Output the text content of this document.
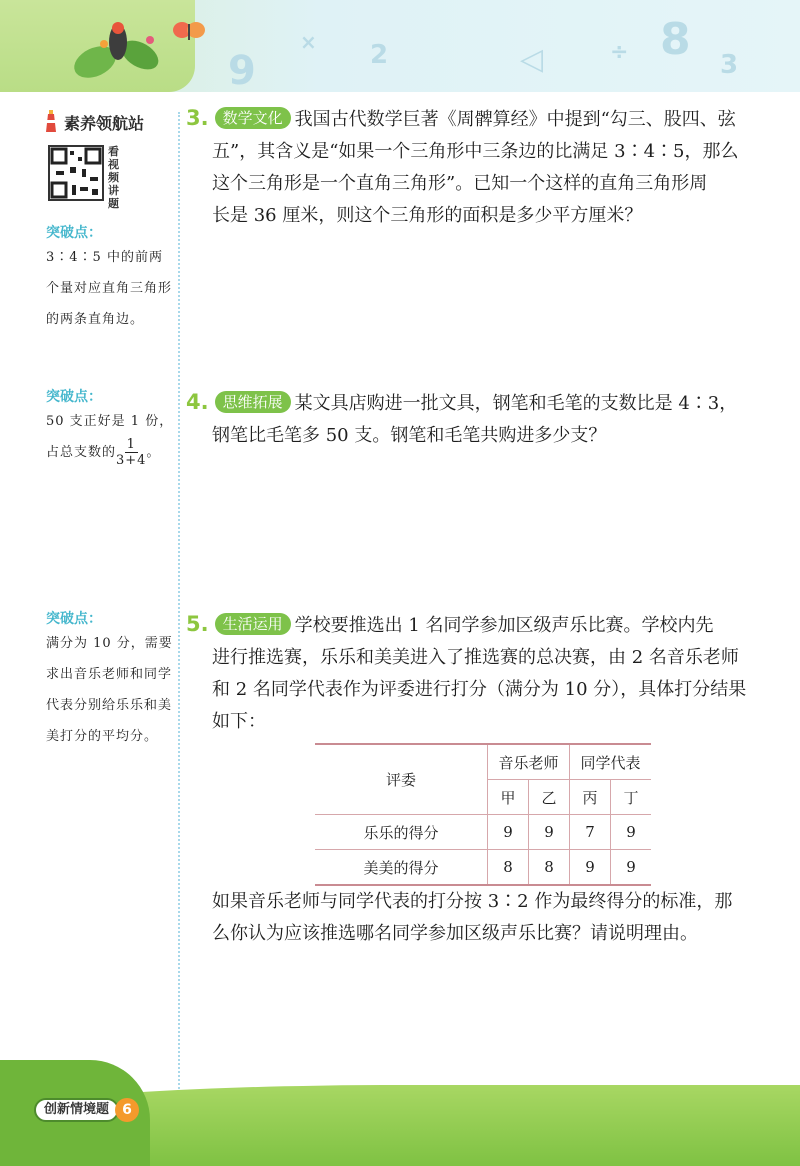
9	2	◁	8 3
×	÷
素养领航站
看视频讲题
突破点：
3∶4∶5 中的前两个量对应直角三角形的两条直角边。
突破点：
50 支正好是 1 份，占总支数的 $\frac{1}{3+4}$ 。
突破点：
满分为 10 分，需要求出音乐老师和同学代表分别给乐乐和美美打分的平均分。
3. 数学文化 我国古代数学巨著《周髀算经》中提到“勾三、股四、弦
五”，其含义是“如果一个三角形中三条边的比满足 3∶4∶5，那么
这个三角形是一个直角三角形”。已知一个这样的直角三角形周
长是 36 厘米，则这个三角形的面积是多少平方厘米？
4. 思维拓展 某文具店购进一批文具，钢笔和毛笔的支数比是 4∶3，
钢笔比毛笔多 50 支。钢笔和毛笔共购进多少支？
5. 生活运用 学校要推选出 1 名同学参加区级声乐比赛。学校内先
进行推选赛，乐乐和美美进入了推选赛的总决赛，由 2 名音乐老师
和 2 名同学代表作为评委进行打分（满分为 10 分），具体打分结果
如下：
评委	音乐老师		同学代表	
	甲	乙	丙	丁
乐乐的得分	9	9	7	9
美美的得分	8	8	9	9
如果音乐老师与同学代表的打分按 3∶2 作为最终得分的标准，那
么你认为应该推选哪名同学参加区级声乐比赛？请说明理由。
创新情境题 6
